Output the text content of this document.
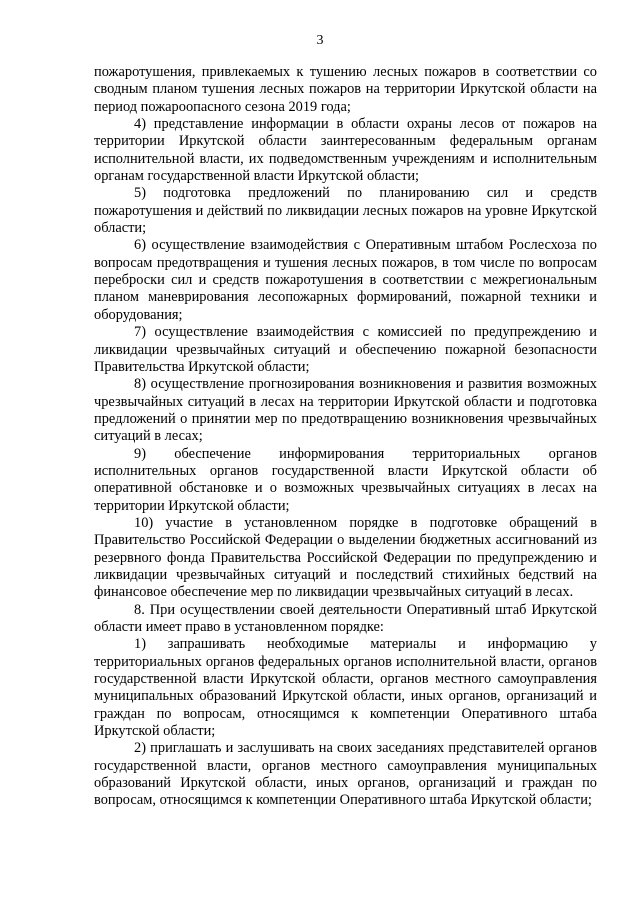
3

пожаротушения, привлекаемых к тушению лесных пожаров в соответствии со сводным планом тушения лесных пожаров на территории Иркутской области на период пожароопасного сезона 2019 года;

4) представление информации в области охраны лесов от пожаров на территории Иркутской области заинтересованным федеральным органам исполнительной власти, их подведомственным учреждениям и исполнительным органам государственной власти Иркутской области;

5) подготовка предложений по планированию сил и средств пожаротушения и действий по ликвидации лесных пожаров на уровне Иркутской области;

6) осуществление взаимодействия с Оперативным штабом Рослесхоза по вопросам предотвращения и тушения лесных пожаров, в том числе по вопросам переброски сил и средств пожаротушения в соответствии с межрегиональным планом маневрирования лесопожарных формирований, пожарной техники и оборудования;

7) осуществление взаимодействия с комиссией по предупреждению и ликвидации чрезвычайных ситуаций и обеспечению пожарной безопасности Правительства Иркутской области;

8) осуществление прогнозирования возникновения и развития возможных чрезвычайных ситуаций в лесах на территории Иркутской области и подготовка предложений о принятии мер по предотвращению возникновения чрезвычайных ситуаций в лесах;

9) обеспечение информирования территориальных органов исполнительных органов государственной власти Иркутской области об оперативной обстановке и о возможных чрезвычайных ситуациях в лесах на территории Иркутской области;

10) участие в установленном порядке в подготовке обращений в Правительство Российской Федерации о выделении бюджетных ассигнований из резервного фонда Правительства Российской Федерации по предупреждению и ликвидации чрезвычайных ситуаций и последствий стихийных бедствий на финансовое обеспечение мер по ликвидации чрезвычайных ситуаций в лесах.

8. При осуществлении своей деятельности Оперативный штаб Иркутской области имеет право в установленном порядке:

1) запрашивать необходимые материалы и информацию у территориальных органов федеральных органов исполнительной власти, органов государственной власти Иркутской области, органов местного самоуправления муниципальных образований Иркутской области, иных органов, организаций и граждан по вопросам, относящимся к компетенции Оперативного штаба Иркутской области;

2) приглашать и заслушивать на своих заседаниях представителей органов государственной власти, органов местного самоуправления муниципальных образований Иркутской области, иных органов, организаций и граждан по вопросам, относящимся к компетенции Оперативного штаба Иркутской области;
